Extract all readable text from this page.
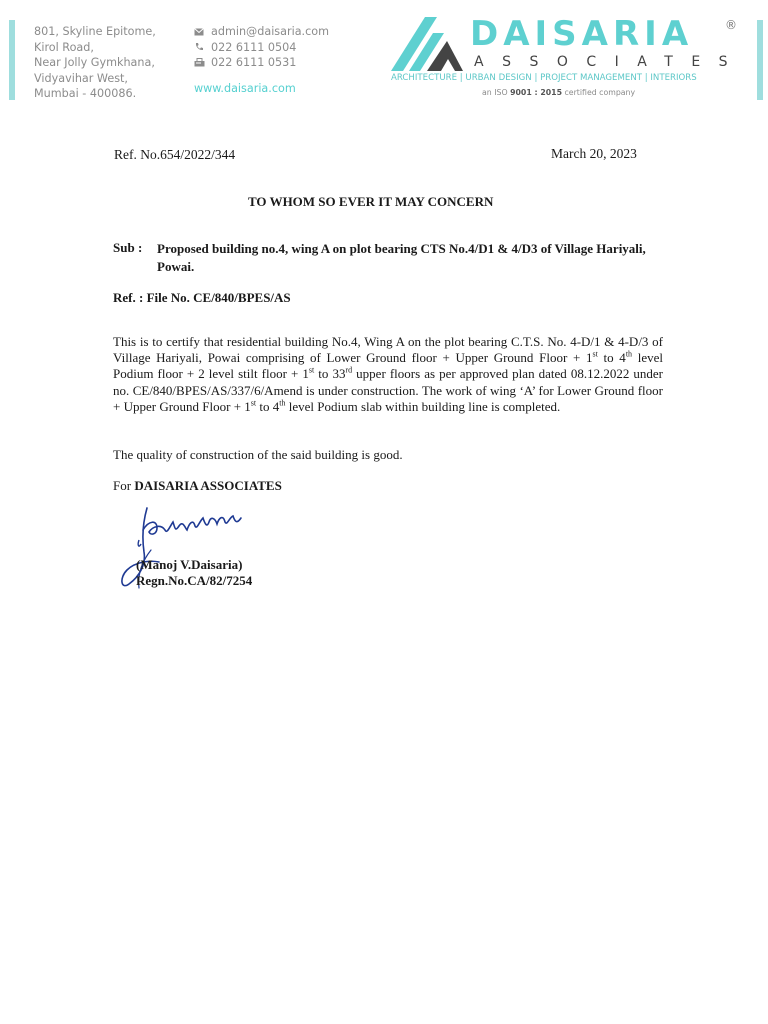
801, Skyline Epitome,
Kirol Road,
Near Jolly Gymkhana,
Vidyavihar West,
Mumbai - 400086.
admin@daisaria.com
022 6111 0504
022 6111 0531
www.daisaria.com
DAISARIA	®
ASSOCIATES
ARCHITECTURE | URBAN DESIGN | PROJECT MANAGEMENT | INTERIORS
an ISO 9001 : 2015 certified company
Ref. No.654/2022/344	March 20, 2023
TO WHOM SO EVER IT MAY CONCERN
Sub :	Proposed building no.4, wing A on plot bearing CTS No.4/D1 & 4/D3 of Village Hariyali, Powai.
Ref. : File No. CE/840/BPES/AS
This is to certify that residential building No.4, Wing A on the plot bearing C.T.S. No. 4-D/1 & 4-D/3 of Village Hariyali, Powai comprising of Lower Ground floor + Upper Ground Floor + 1st to 4th level Podium floor + 2 level stilt floor + 1st to 33rd upper floors as per approved plan dated 08.12.2022 under no. CE/840/BPES/AS/337/6/Amend is under construction. The work of wing ‘A’ for Lower Ground floor + Upper Ground Floor + 1st to 4th level Podium slab within building line is completed.
The quality of construction of the said building is good.
For DAISARIA ASSOCIATES
(Manoj V.Daisaria)
Regn.No.CA/82/7254
